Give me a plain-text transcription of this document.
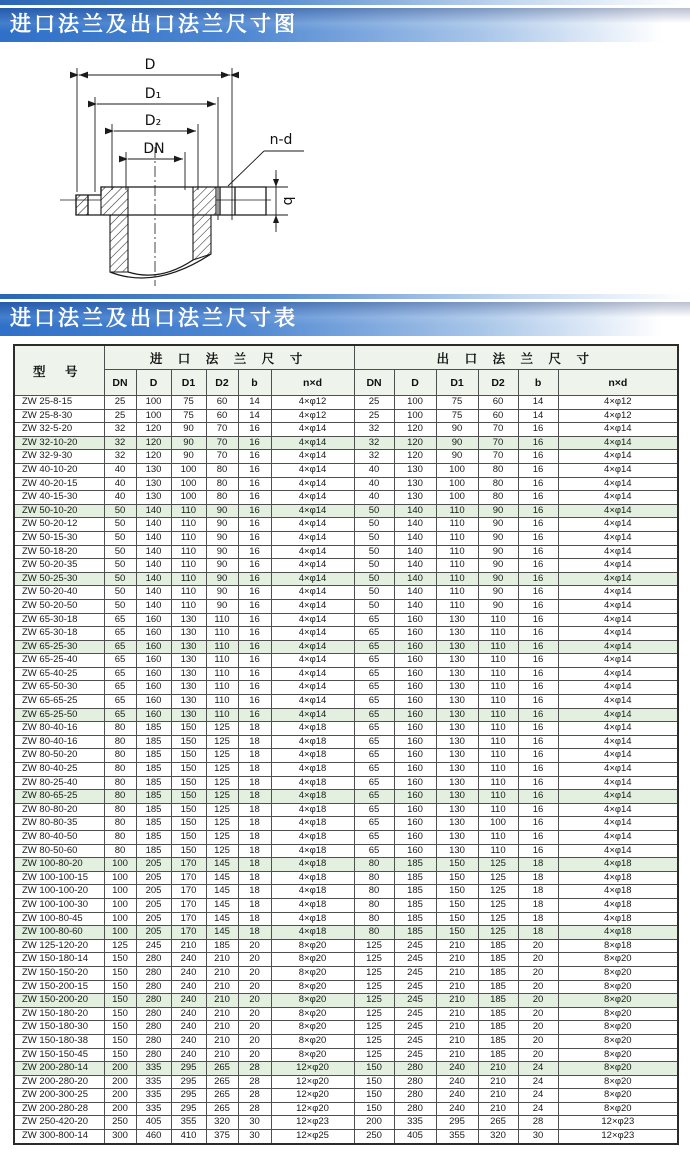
进口法兰及出口法兰尺寸图
D
D₁
D₂
DN
n-d
b
进口法兰及出口法兰尺寸表
型 号	进 口 法 兰 尺 寸						出 口 法 兰 尺 寸					
	DN	D	D1	D2	b	n×d	DN	D	D1	D2	b	n×d
ZW 25-8-15	25	100	75	60	14	4×φ12	25	100	75	60	14	4×φ12
ZW 25-8-30	25	100	75	60	14	4×φ12	25	100	75	60	14	4×φ12
ZW 32-5-20	32	120	90	70	16	4×φ14	32	120	90	70	16	4×φ14
ZW 32-10-20	32	120	90	70	16	4×φ14	32	120	90	70	16	4×φ14
ZW 32-9-30	32	120	90	70	16	4×φ14	32	120	90	70	16	4×φ14
ZW 40-10-20	40	130	100	80	16	4×φ14	40	130	100	80	16	4×φ14
ZW 40-20-15	40	130	100	80	16	4×φ14	40	130	100	80	16	4×φ14
ZW 40-15-30	40	130	100	80	16	4×φ14	40	130	100	80	16	4×φ14
ZW 50-10-20	50	140	110	90	16	4×φ14	50	140	110	90	16	4×φ14
ZW 50-20-12	50	140	110	90	16	4×φ14	50	140	110	90	16	4×φ14
ZW 50-15-30	50	140	110	90	16	4×φ14	50	140	110	90	16	4×φ14
ZW 50-18-20	50	140	110	90	16	4×φ14	50	140	110	90	16	4×φ14
ZW 50-20-35	50	140	110	90	16	4×φ14	50	140	110	90	16	4×φ14
ZW 50-25-30	50	140	110	90	16	4×φ14	50	140	110	90	16	4×φ14
ZW 50-20-40	50	140	110	90	16	4×φ14	50	140	110	90	16	4×φ14
ZW 50-20-50	50	140	110	90	16	4×φ14	50	140	110	90	16	4×φ14
ZW 65-30-18	65	160	130	110	16	4×φ14	65	160	130	110	16	4×φ14
ZW 65-30-18	65	160	130	110	16	4×φ14	65	160	130	110	16	4×φ14
ZW 65-25-30	65	160	130	110	16	4×φ14	65	160	130	110	16	4×φ14
ZW 65-25-40	65	160	130	110	16	4×φ14	65	160	130	110	16	4×φ14
ZW 65-40-25	65	160	130	110	16	4×φ14	65	160	130	110	16	4×φ14
ZW 65-50-30	65	160	130	110	16	4×φ14	65	160	130	110	16	4×φ14
ZW 65-65-25	65	160	130	110	16	4×φ14	65	160	130	110	16	4×φ14
ZW 65-25-50	65	160	130	110	16	4×φ14	65	160	130	110	16	4×φ14
ZW 80-40-16	80	185	150	125	18	4×φ18	65	160	130	110	16	4×φ14
ZW 80-40-16	80	185	150	125	18	4×φ18	65	160	130	110	16	4×φ14
ZW 80-50-20	80	185	150	125	18	4×φ18	65	160	130	110	16	4×φ14
ZW 80-40-25	80	185	150	125	18	4×φ18	65	160	130	110	16	4×φ14
ZW 80-25-40	80	185	150	125	18	4×φ18	65	160	130	110	16	4×φ14
ZW 80-65-25	80	185	150	125	18	4×φ18	65	160	130	110	16	4×φ14
ZW 80-80-20	80	185	150	125	18	4×φ18	65	160	130	110	16	4×φ14
ZW 80-80-35	80	185	150	125	18	4×φ18	65	160	130	100	16	4×φ14
ZW 80-40-50	80	185	150	125	18	4×φ18	65	160	130	110	16	4×φ14
ZW 80-50-60	80	185	150	125	18	4×φ18	65	160	130	110	16	4×φ14
ZW 100-80-20	100	205	170	145	18	4×φ18	80	185	150	125	18	4×φ18
ZW 100-100-15	100	205	170	145	18	4×φ18	80	185	150	125	18	4×φ18
ZW 100-100-20	100	205	170	145	18	4×φ18	80	185	150	125	18	4×φ18
ZW 100-100-30	100	205	170	145	18	4×φ18	80	185	150	125	18	4×φ18
ZW 100-80-45	100	205	170	145	18	4×φ18	80	185	150	125	18	4×φ18
ZW 100-80-60	100	205	170	145	18	4×φ18	80	185	150	125	18	4×φ18
ZW 125-120-20	125	245	210	185	20	8×φ20	125	245	210	185	20	8×φ18
ZW 150-180-14	150	280	240	210	20	8×φ20	125	245	210	185	20	8×φ20
ZW 150-150-20	150	280	240	210	20	8×φ20	125	245	210	185	20	8×φ20
ZW 150-200-15	150	280	240	210	20	8×φ20	125	245	210	185	20	8×φ20
ZW 150-200-20	150	280	240	210	20	8×φ20	125	245	210	185	20	8×φ20
ZW 150-180-20	150	280	240	210	20	8×φ20	125	245	210	185	20	8×φ20
ZW 150-180-30	150	280	240	210	20	8×φ20	125	245	210	185	20	8×φ20
ZW 150-180-38	150	280	240	210	20	8×φ20	125	245	210	185	20	8×φ20
ZW 150-150-45	150	280	240	210	20	8×φ20	125	245	210	185	20	8×φ20
ZW 200-280-14	200	335	295	265	28	12×φ20	150	280	240	210	24	8×φ20
ZW 200-280-20	200	335	295	265	28	12×φ20	150	280	240	210	24	8×φ20
ZW 200-300-25	200	335	295	265	28	12×φ20	150	280	240	210	24	8×φ20
ZW 200-280-28	200	335	295	265	28	12×φ20	150	280	240	210	24	8×φ20
ZW 250-420-20	250	405	355	320	30	12×φ23	200	335	295	265	28	12×φ23
ZW 300-800-14	300	460	410	375	30	12×φ25	250	405	355	320	30	12×φ23
